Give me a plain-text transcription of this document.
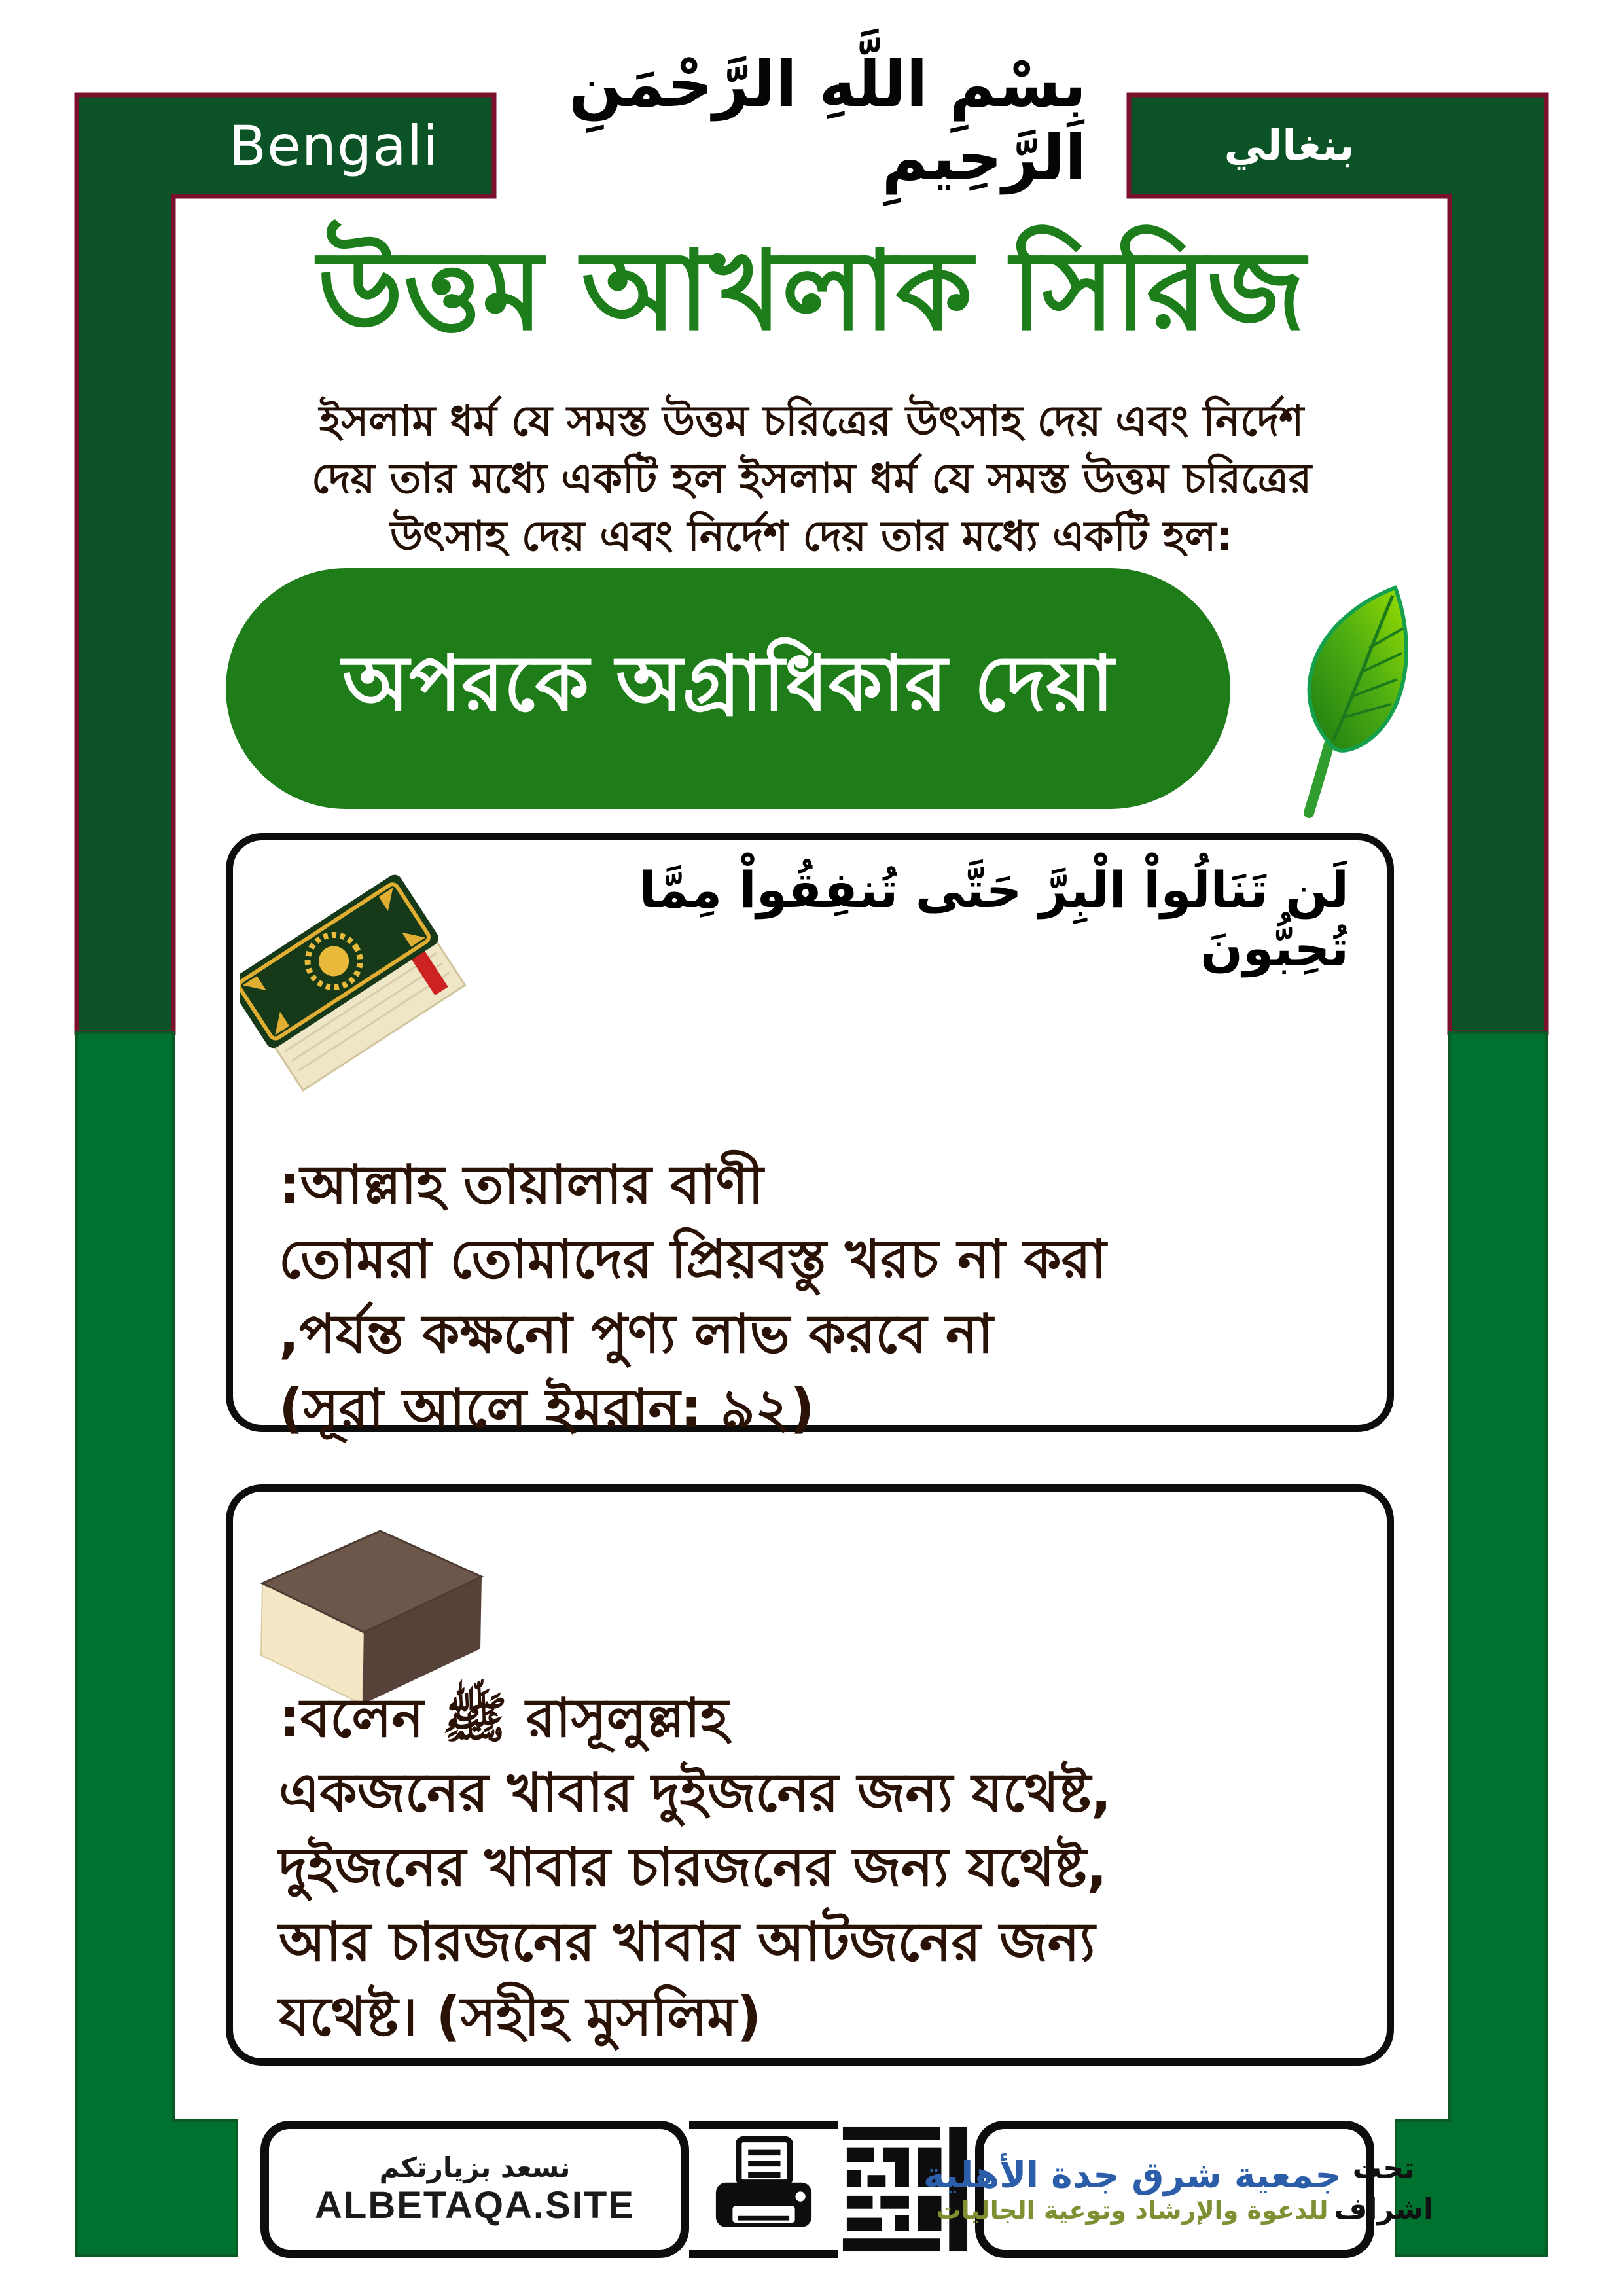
Bengali	بنغالي
بِسْمِ اللَّهِ الرَّحْمَنِ الرَّحِيمِ
উত্তম আখলাক সিরিজ
ইসলাম ধর্ম যে সমস্ত উত্তম চরিত্রের উৎসাহ দেয় এবং নির্দেশ
দেয় তার মধ্যে একটি হল ইসলাম ধর্ম যে সমস্ত উত্তম চরিত্রের
উৎসাহ দেয় এবং নির্দেশ দেয় তার মধ্যে একটি হল:
অপরকে অগ্রাধিকার দেয়া
لَن تَنَالُواْ الْبِرَّ حَتَّى تُنفِقُواْ مِمَّا تُحِبُّونَ
:আল্লাহ তায়ালার বাণী
তোমরা তোমাদের প্রিয়বস্তু খরচ না করা
,পর্যন্ত কক্ষনো পুণ্য লাভ করবে না
(সূরা আলে ইমরান: ৯২)
:বলেন ﷺ রাসূলুল্লাহ
একজনের খাবার দুইজনের জন্য যথেষ্ট,
দুইজনের খাবার চারজনের জন্য যথেষ্ট,
আর চারজনের খাবার আটজনের জন্য
যথেষ্ট। (সহীহ মুসলিম)
نسعد بزيارتكم
ALBETAQA.SITE
جمعية شرق جدة الأهلية
للدعوة والإرشاد وتوعية الجاليات
تحت
اشراف
